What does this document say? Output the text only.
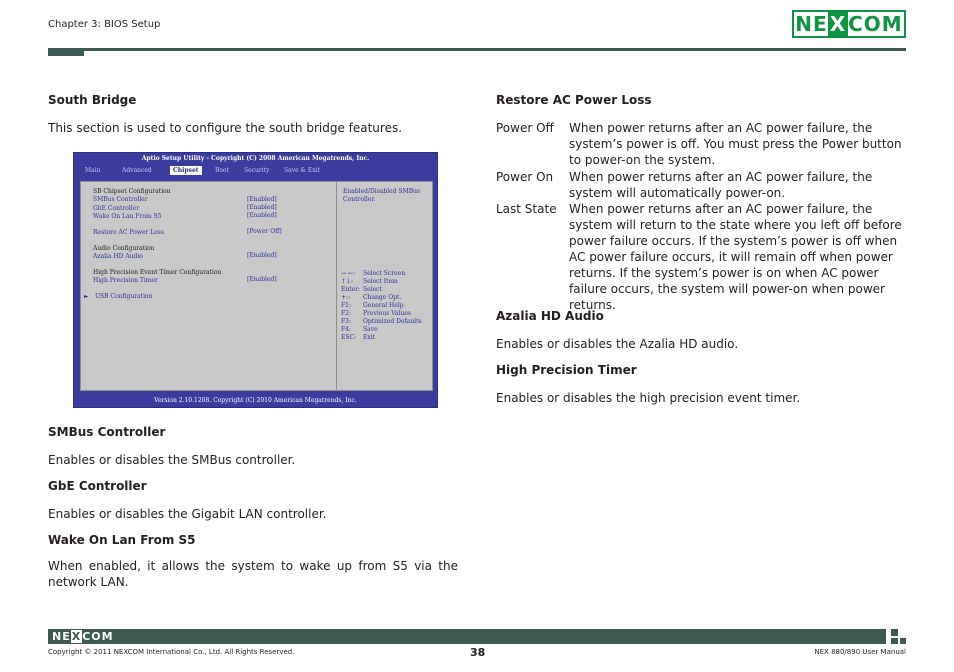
Chapter 3: BIOS Setup	NE X COM
South Bridge
This section is used to configure the south bridge features.
Aptio Setup Utility - Copyright (C) 2008 American Megatrends, Inc.
Main	Advanced	Chipset	Boot Security Save & Exit
SB Chipset Configuration
SMBus Controller	[Enabled]
GbE Controller	[Enabled]
Wake On Lan From S5	[Enabled]
Restore AC Power Loss	[Power Off]
Audio Configuration
Azalia HD Audio	[Enabled]
High Precision Event Timer Configuration
High Precision Timer	[Enabled]
► USB Configuration
Enabled/Disabled SMBus Controller.
→ ←: Select Screen
↑↓: Select Item
Enter: Select
+-: Change Opt.
F1: General Help
F2: Previous Values
F3: Optimized Defaults
F4: Save
ESC: Exit
Version 2.10.1208. Copyright (C) 2010 American Megatrends, Inc.
SMBus Controller
Enables or disables the SMBus controller.
GbE Controller
Enables or disables the Gigabit LAN controller.
Wake On Lan From S5
When enabled, it allows the system to wake up from S5 via the network LAN.
Restore AC Power Loss
Power Off When power returns after an AC power failure, the system’s power is off. You must press the Power button to power-on the system.
Power On When power returns after an AC power failure, the system will automatically power-on.
Last State When power returns after an AC power failure, the system will return to the state where you left off before power failure occurs. If the system’s power is off when AC power failure occurs, it will remain off when power returns. If the system’s power is on when AC power failure occurs, the system will power-on when power returns.
Azalia HD Audio
Enables or disables the Azalia HD audio.
High Precision Timer
Enables or disables the high precision event timer.
NEXCOM
Copyright © 2011 NEXCOM International Co., Ltd. All Rights Reserved.	38	NEX 880/890 User Manual
